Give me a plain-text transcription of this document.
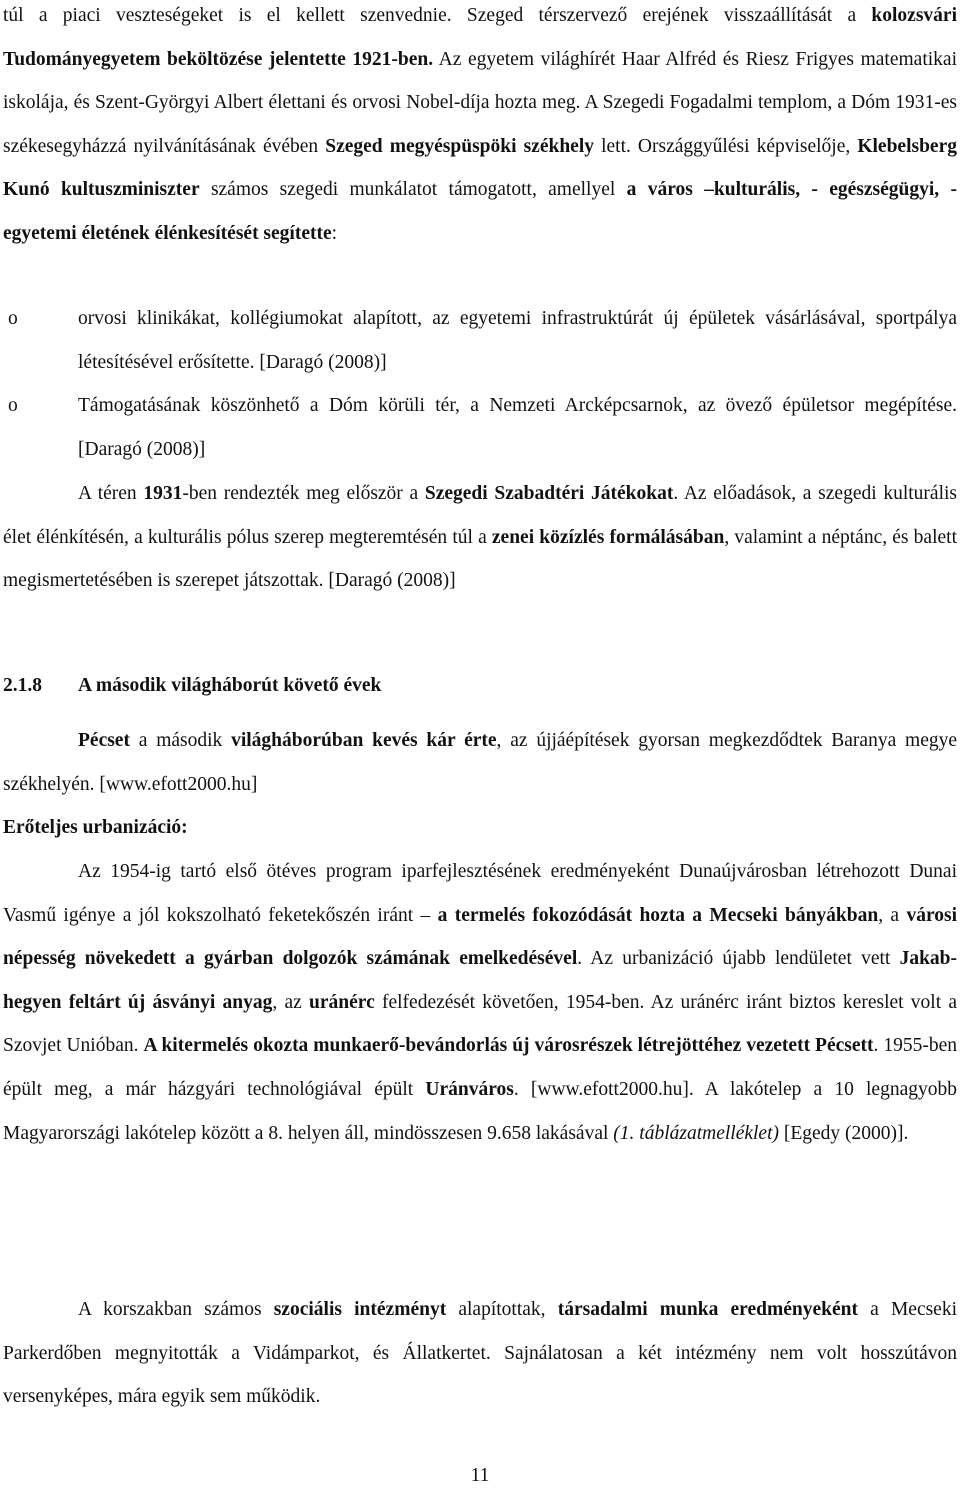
túl a piaci veszteségeket is el kellett szenvednie. Szeged térszervező erejének visszaállítását a kolozsvári Tudományegyetem beköltözése jelentette 1921-ben. Az egyetem világhírét Haar Alfréd és Riesz Frigyes matematikai iskolája, és Szent-Györgyi Albert élettani és orvosi Nobel-díja hozta meg. A Szegedi Fogadalmi templom, a Dóm 1931-es székesegyházzá nyilvánításának évében Szeged megyéspüspöki székhely lett. Országgyűlési képviselője, Klebelsberg Kunó kultuszminiszter számos szegedi munkálatot támogatott, amellyel a város –kulturális, - egészségügyi, - egyetemi életének élénkesítését segítette:

o	orvosi klinikákat, kollégiumokat alapított, az egyetemi infrastruktúrát új épületek vásárlásával, sportpálya létesítésével erősítette. [Daragó (2008)]

o	Támogatásának köszönhető a Dóm körüli tér, a Nemzeti Arcképcsarnok, az övező épületsor megépítése. [Daragó (2008)]

A téren 1931-ben rendezték meg először a Szegedi Szabadtéri Játékokat. Az előadások, a szegedi kulturális élet élénkítésén, a kulturális pólus szerep megteremtésén túl a zenei közízlés formálásában, valamint a néptánc, és balett megismertetésében is szerepet játszottak. [Daragó (2008)]

2.1.8 A második világháborút követő évek

Pécset a második világháborúban kevés kár érte, az újjáépítések gyorsan megkezdődtek Baranya megye székhelyén. [www.efott2000.hu]

Erőteljes urbanizáció:

Az 1954-ig tartó első ötéves program iparfejlesztésének eredményeként Dunaújvárosban létrehozott Dunai Vasmű igénye a jól kokszolható feketekőszén iránt – a termelés fokozódását hozta a Mecseki bányákban, a városi népesség növekedett a gyárban dolgozók számának emelkedésével. Az urbanizáció újabb lendületet vett Jakab-hegyen feltárt új ásványi anyag, az uránérc felfedezését követően, 1954-ben. Az uránérc iránt biztos kereslet volt a Szovjet Unióban. A kitermelés okozta munkaerő-bevándorlás új városrészek létrejöttéhez vezetett Pécsett. 1955-ben épült meg, a már házgyári technológiával épült Uránváros. [www.efott2000.hu]. A lakótelep a 10 legnagyobb Magyarországi lakótelep között a 8. helyen áll, mindösszesen 9.658 lakásával (1. táblázatmelléklet) [Egedy (2000)].

A korszakban számos szociális intézményt alapítottak, társadalmi munka eredményeként a Mecseki Parkerdőben megnyitották a Vidámparkot, és Állatkertet. Sajnálatosan a két intézmény nem volt hosszútávon versenyképes, mára egyik sem működik.

11
